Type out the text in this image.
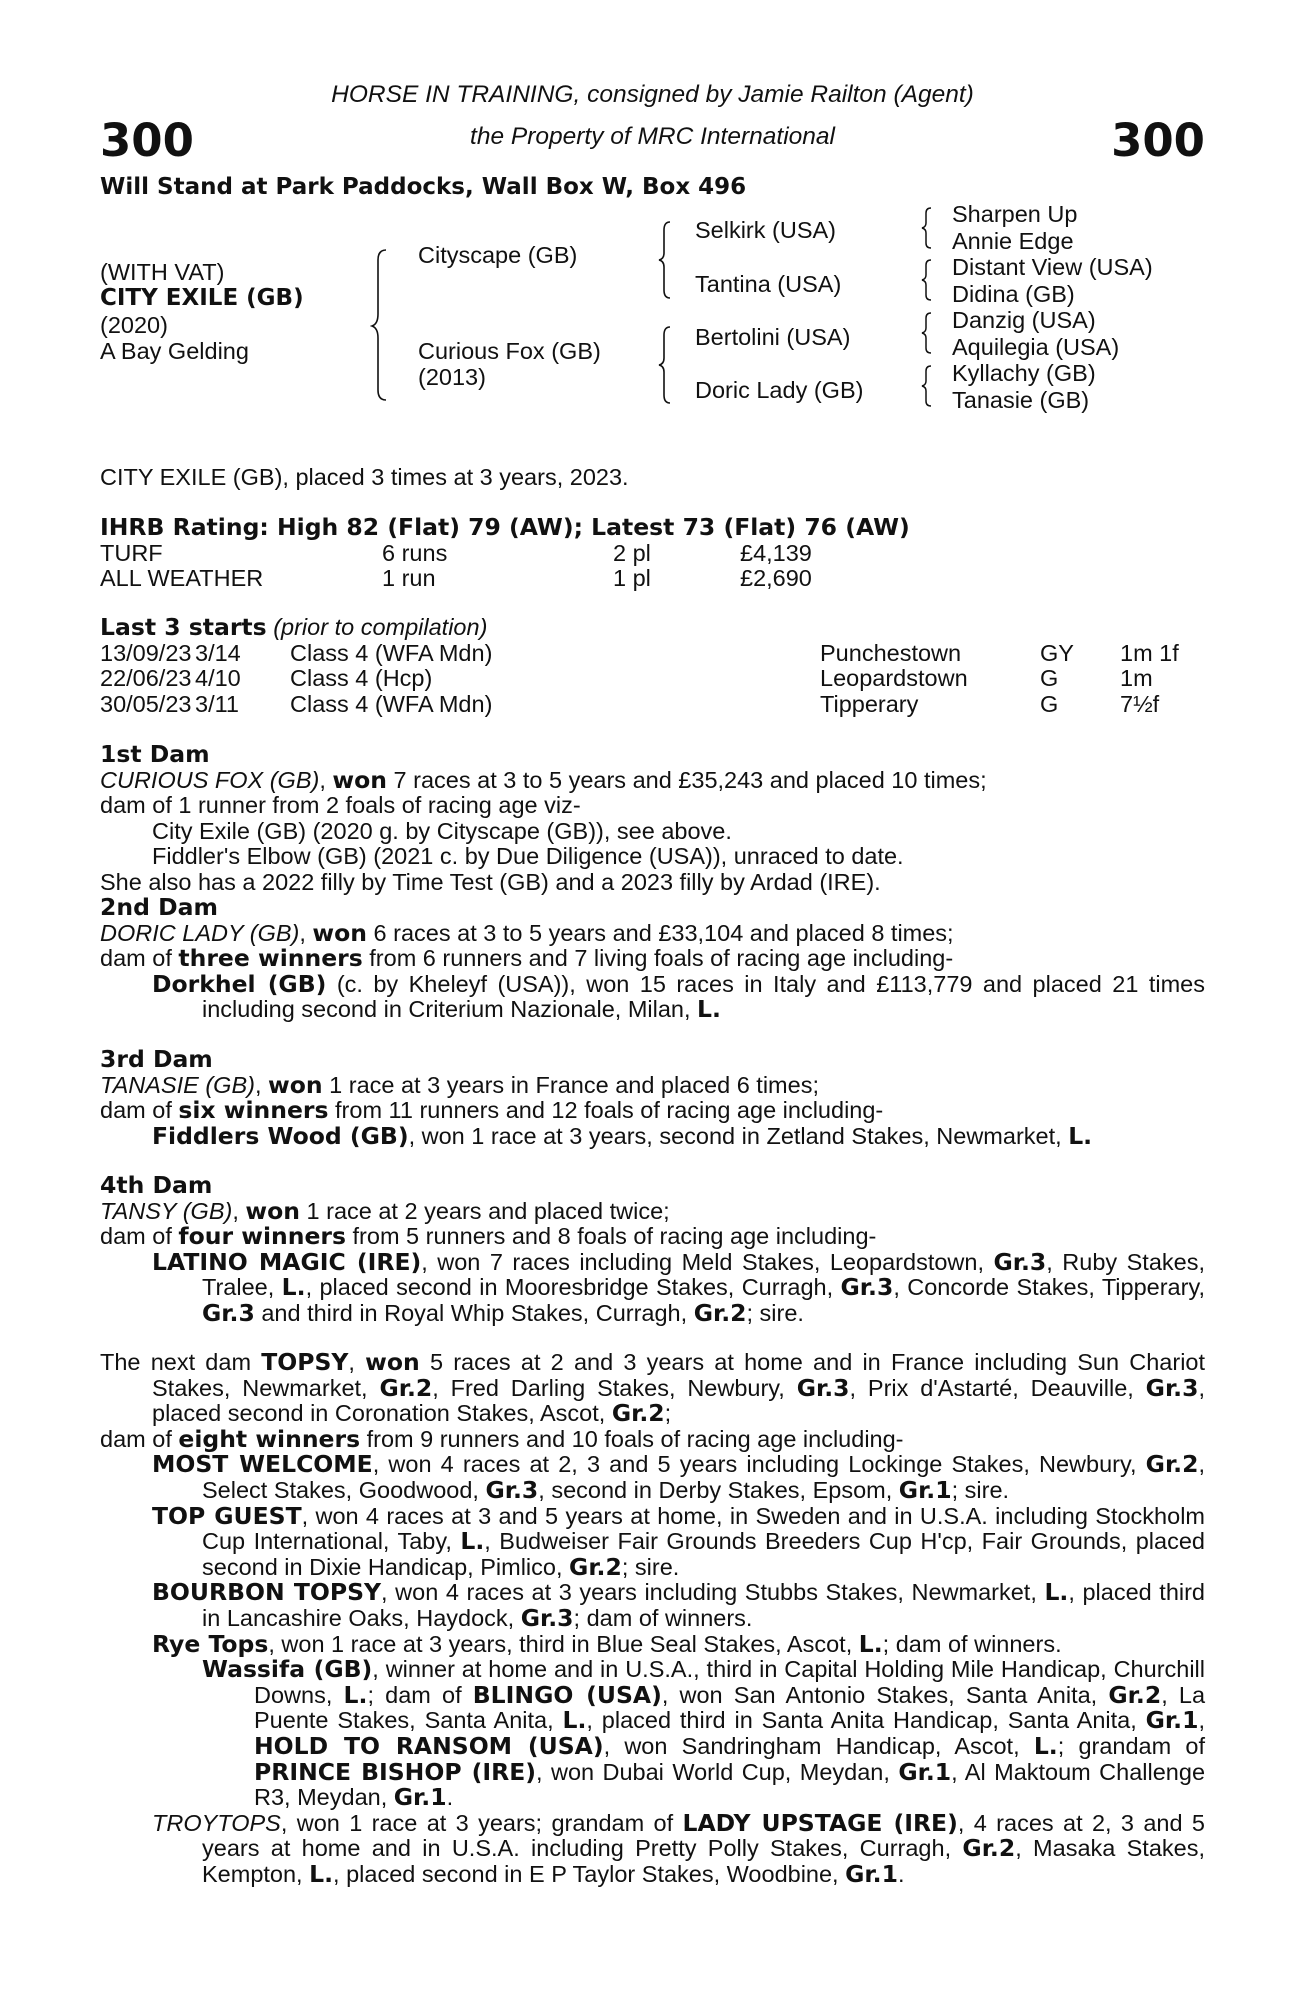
300	300
HORSE IN TRAINING, consigned by Jamie Railton (Agent)
the Property of MRC International
Will Stand at Park Paddocks, Wall Box W, Box 496
(WITH VAT)
CITY EXILE (GB)
(2020)
A Bay Gelding
Cityscape (GB)
Curious Fox (GB)
(2013)
Selkirk (USA)
Tantina (USA)
Bertolini (USA)
Doric Lady (GB)
Sharpen Up
Annie Edge
Distant View (USA)
Didina (GB)
Danzig (USA)
Aquilegia (USA)
Kyllachy (GB)
Tanasie (GB)
CITY EXILE (GB), placed 3 times at 3 years, 2023.
IHRB Rating: High 82 (Flat) 79 (AW); Latest 73 (Flat) 76 (AW)
TURF	6 runs	2 pl	£4,139
ALL WEATHER	1 run	1 pl	£2,690
Last 3 starts (prior to compilation)
13/09/23 3/14 Class 4 (WFA Mdn)	Punchestown	GY 1m 1f
22/06/23 4/10 Class 4 (Hcp)	Leopardstown	G	1m
30/05/23 3/11 Class 4 (WFA Mdn)	Tipperary	G	7½f
1st Dam
CURIOUS FOX (GB), won 7 races at 3 to 5 years and £35,243 and placed 10 times;
dam of 1 runner from 2 foals of racing age viz-
City Exile (GB) (2020 g. by Cityscape (GB)), see above.
Fiddler's Elbow (GB) (2021 c. by Due Diligence (USA)), unraced to date.
She also has a 2022 filly by Time Test (GB) and a 2023 filly by Ardad (IRE).
2nd Dam
DORIC LADY (GB), won 6 races at 3 to 5 years and £33,104 and placed 8 times;
dam of three winners from 6 runners and 7 living foals of racing age including-
Dorkhel (GB) (c. by Kheleyf (USA)), won 15 races in Italy and £113,779 and placed 21 times including second in Criterium Nazionale, Milan, L.
3rd Dam
TANASIE (GB), won 1 race at 3 years in France and placed 6 times;
dam of six winners from 11 runners and 12 foals of racing age including-
Fiddlers Wood (GB), won 1 race at 3 years, second in Zetland Stakes, Newmarket, L.
4th Dam
TANSY (GB), won 1 race at 2 years and placed twice;
dam of four winners from 5 runners and 8 foals of racing age including-
LATINO MAGIC (IRE), won 7 races including Meld Stakes, Leopardstown, Gr.3, Ruby Stakes, Tralee, L., placed second in Mooresbridge Stakes, Curragh, Gr.3, Concorde Stakes, Tipperary, Gr.3 and third in Royal Whip Stakes, Curragh, Gr.2; sire.
The next dam TOPSY, won 5 races at 2 and 3 years at home and in France including Sun Chariot Stakes, Newmarket, Gr.2, Fred Darling Stakes, Newbury, Gr.3, Prix d'Astarté, Deauville, Gr.3, placed second in Coronation Stakes, Ascot, Gr.2;
dam of eight winners from 9 runners and 10 foals of racing age including-
MOST WELCOME, won 4 races at 2, 3 and 5 years including Lockinge Stakes, Newbury, Gr.2, Select Stakes, Goodwood, Gr.3, second in Derby Stakes, Epsom, Gr.1; sire.
TOP GUEST, won 4 races at 3 and 5 years at home, in Sweden and in U.S.A. including Stockholm Cup International, Taby, L., Budweiser Fair Grounds Breeders Cup H'cp, Fair Grounds, placed second in Dixie Handicap, Pimlico, Gr.2; sire.
BOURBON TOPSY, won 4 races at 3 years including Stubbs Stakes, Newmarket, L., placed third in Lancashire Oaks, Haydock, Gr.3; dam of winners.
Rye Tops, won 1 race at 3 years, third in Blue Seal Stakes, Ascot, L.; dam of winners.
Wassifa (GB), winner at home and in U.S.A., third in Capital Holding Mile Handicap, Churchill Downs, L.; dam of BLINGO (USA), won San Antonio Stakes, Santa Anita, Gr.2, La Puente Stakes, Santa Anita, L., placed third in Santa Anita Handicap, Santa Anita, Gr.1, HOLD TO RANSOM (USA), won Sandringham Handicap, Ascot, L.; grandam of PRINCE BISHOP (IRE), won Dubai World Cup, Meydan, Gr.1, Al Maktoum Challenge R3, Meydan, Gr.1.
TROYTOPS, won 1 race at 3 years; grandam of LADY UPSTAGE (IRE), 4 races at 2, 3 and 5 years at home and in U.S.A. including Pretty Polly Stakes, Curragh, Gr.2, Masaka Stakes, Kempton, L., placed second in E P Taylor Stakes, Woodbine, Gr.1.
